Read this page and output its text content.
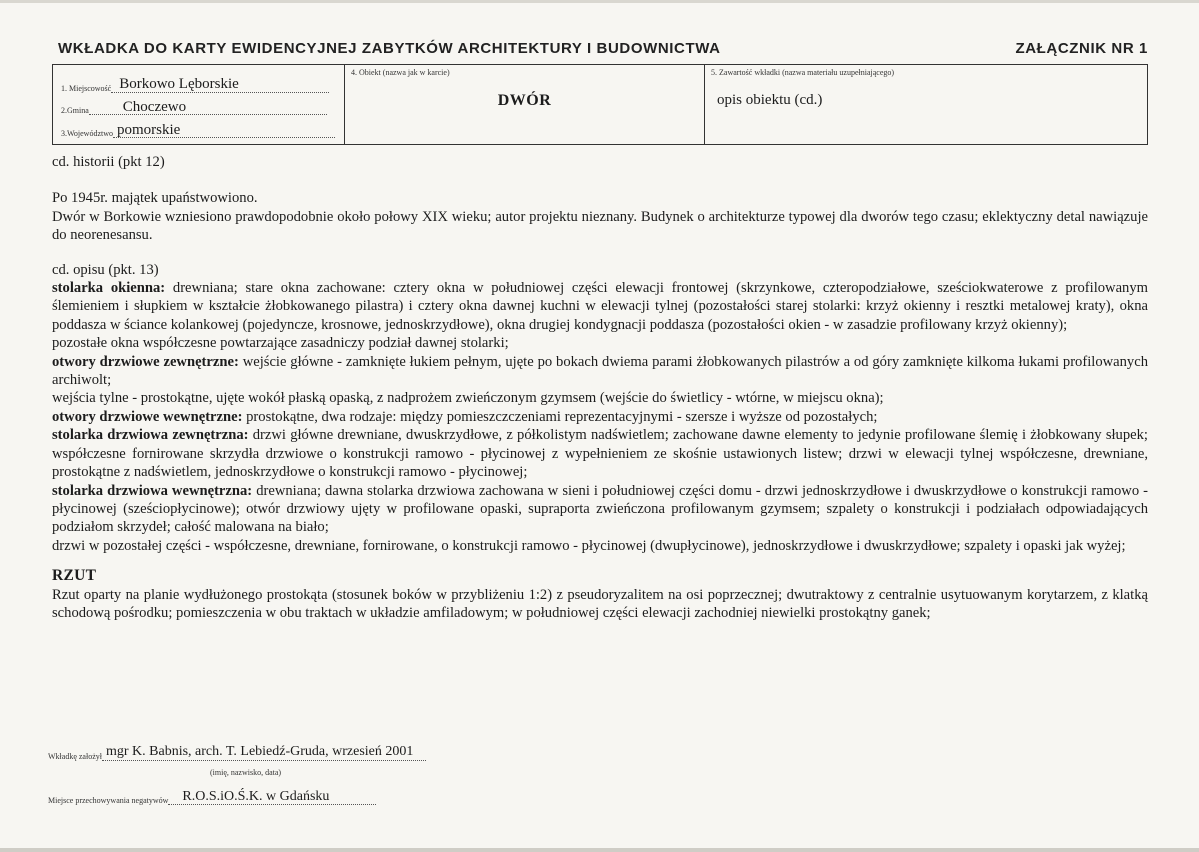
WKŁADKA DO KARTY EWIDENCYJNEJ ZABYTKÓW ARCHITEKTURY I BUDOWNICTWA	ZAŁĄCZNIK NR 1
1. Miejscowość Borkowo Lęborskie
2.Gmina	Choczewo
3.Województwo pomorskie
4. Obiekt (nazwa jak w karcie)
DWÓR
5. Zawartość wkładki (nazwa materiału uzupełniającego)
opis obiektu (cd.)

cd. historii (pkt 12)

Po 1945r. majątek upaństwowiono.

Dwór w Borkowie wzniesiono prawdopodobnie około połowy XIX wieku; autor projektu nieznany. Budynek o architekturze typowej dla dworów tego czasu; eklektyczny detal nawiązuje do neorenesansu.

cd. opisu (pkt. 13)

stolarka okienna: drewniana; stare okna zachowane: cztery okna w południowej części elewacji frontowej (skrzynkowe, czteropodziałowe, sześciokwaterowe z profilowanym ślemieniem i słupkiem w kształcie żłobkowanego pilastra) i cztery okna dawnej kuchni w elewacji tylnej (pozostałości starej stolarki: krzyż okienny i resztki metalowej kraty), okna poddasza w ściance kolankowej (pojedyncze, krosnowe, jednoskrzydłowe), okna drugiej kondygnacji poddasza (pozostałości okien - w zasadzie profilowany krzyż okienny);

pozostałe okna współczesne powtarzające zasadniczy podział dawnej stolarki;

otwory drzwiowe zewnętrzne: wejście główne - zamknięte łukiem pełnym, ujęte po bokach dwiema parami żłobkowanych pilastrów a od góry zamknięte kilkoma łukami profilowanych archiwolt;

wejścia tylne - prostokątne, ujęte wokół płaską opaską, z nadprożem zwieńczonym gzymsem (wejście do świetlicy - wtórne, w miejscu okna);

otwory drzwiowe wewnętrzne: prostokątne, dwa rodzaje: między pomieszczczeniami reprezentacyjnymi - szersze i wyższe od pozostałych;

stolarka drzwiowa zewnętrzna: drzwi główne drewniane, dwuskrzydłowe, z półkolistym nadświetlem; zachowane dawne elementy to jedynie profilowane ślemię i żłobkowany słupek; współczesne fornirowane skrzydła drzwiowe o konstrukcji ramowo - płycinowej z wypełnieniem ze skośnie ustawionych listew; drzwi w elewacji tylnej współczesne, drewniane, prostokątne z nadświetlem, jednoskrzydłowe o konstrukcji ramowo - płycinowej;

stolarka drzwiowa wewnętrzna: drewniana; dawna stolarka drzwiowa zachowana w sieni i południowej części domu - drzwi jednoskrzydłowe i dwuskrzydłowe o konstrukcji ramowo - płycinowej (sześciopłycinowe); otwór drzwiowy ujęty w profilowane opaski, supraporta zwieńczona profilowanym gzymsem; szpalety o konstrukcji i podziałach odpowiadających podziałom skrzydeł; całość malowana na biało;

drzwi w pozostałej części - współczesne, drewniane, fornirowane, o konstrukcji ramowo - płycinowej (dwupłycinowe), jednoskrzydłowe i dwuskrzydłowe; szpalety i opaski jak wyżej;

RZUT

Rzut oparty na planie wydłużonego prostokąta (stosunek boków w przybliżeniu 1:2) z pseudoryzalitem na osi poprzecznej; dwutraktowy z centralnie usytuowanym korytarzem, z klatką schodową pośrodku; pomieszczenia w obu traktach w układzie amfiladowym; w południowej części elewacji zachodniej niewielki prostokątny ganek;

Wkładkę założył mgr K. Babnis, arch. T. Lebiedź-Gruda, wrzesień 2001
(imię, nazwisko, data)
Miejsce przechowywania negatywów	R.O.S.iO.Ś.K. w Gdańsku
